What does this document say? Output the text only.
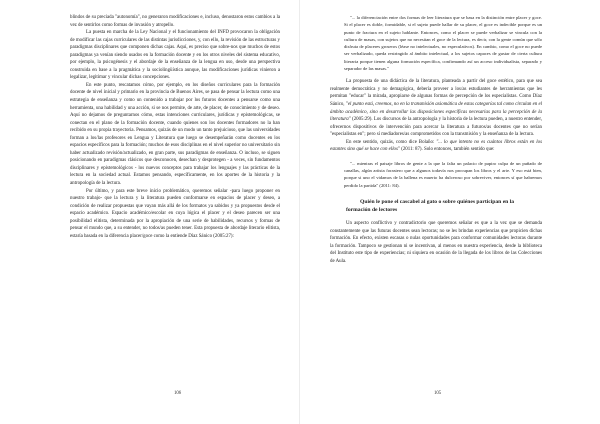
blindos de su preciada "autonomía", no generaron modificaciones e, incluso, denostaron estos cambios a la vez de sentirlos como formas de invasión y atropello.

La puesta en marcha de la Ley Nacional y el funcionamiento del INFD provocaron la obligación de modificar las cajas curriculares de las distintas jurisdicciones, y, con ello, la revisión de las estructuras y paradigmas disciplinares que componen dichas cajas. Aquí, es preciso que sobre-nos que muchos de estos paradigmas ya venían siendo usados en la formación docente y en los otros niveles del sistema educativo, por ejemplo, la psicogénesis y el abordaje de la enseñanza de la lengua en uso, desde una perspectiva construida en base a la pragmática y la sociolingüística aunque, las modificaciones jurídicas vinieron a legalizar, legitimar y vincular dichas concepciones.

En este punto, rescatamos cómo, por ejemplo, en los diseños curriculares para la formación docente de nivel inicial y primario en la provincia de Buenos Aires, se pasa de pensar la lectura como una estrategia de enseñanza y como un contenido a trabajar por los futuros docentes a pensarse como una herramienta, una habilidad y una acción, si se nos permite, de arte, de placer, de conocimiento y de deseo. Aquí no dejamos de preguntarnos cómo, estas intenciones curriculares, jurídicas y epistemológicas, se conectan en el plano de la formación docente, cuando quienes son los docentes formadores no la han recibido en su propia trayectoria. Pensamos, quizás de un modo un tanto prejuicioso, que las universidades forman a los/las profesores en Lengua y Literatura que luego se desempeñarán como docentes en los espacios específicos para la formación; muchos de esos disciplinas en el nivel superior no universitario sin haber actualizado revisión/actualizado, en gran parte, sus paradigmas de enseñanza. O incluso, se siguen posicionando en paradigmas clásicos que desconocen, desechan y desprotegen - a veces, sin fundamentos disciplinares y epistemológicos - los nuevos conceptos para trabajar los lenguajes y las prácticas de la lectura en la sociedad actual. Estamos pensando, específicamente, en los aportes de la historia y la antropología de la lectura.

Por último, y para este breve inicio problemático, queremos señalar -para luego proponer en nuestro trabajo- que la lectura y la literatura pueden conformarse en espacios de placer y deseo, a condición de realizar propuestas que vayan más allá de los formatos ya sabidos y ya propuestos desde el espacio académico. Espacio académico/escolar en cuya lógica el placer y el deseo parecen ser una posibilidad elitista, determinada por la apropiación de una serie de habilidades, recursos y formas de pensar el mundo que, a su entender, no todos/as pueden tener. Esta propuesta de abordaje literario elitista, estaría basada en la diferencia placer/goce como la entiende Díaz Sánico (2005:27):

106

"... la diferenciación entre dos formas de leer literatura que se basa en la distinción entre placer y goce. Si el placer es doble, formidable, si el sujeto puede hallar de su placer, el goce es indecible porque es un punto de fractura en el sujeto hablante. Entonces, como el placer se puede verbalizar se vincula con la cultura de masas, con sujetos que no necesitan el goce de la lectura, es decir, con la gente común que sólo disfruta de placeres groseros (léase no intelectuales, no especulativos). En cambio, como el goce no puede ser verbalizado, queda restringido al ámbito intelectual, a los sujetos capaces de gustar de cierta cultura literaria porque tienen alguna formación específica, confirmando así un acceso individualista, separado y separador de las masas."

La propuesta de una didáctica de la literatura, planteada a partir del goce estético, para que sea realmente democrática y no demagógica, debería proveer a los/as estudiantes de herramientas que les permitan "educar" la mirada, apropiarse de algunas formas de percepción de los especialistas. Como Díaz Sánico, "el punto está, creemos, no en la transmisión axiomática de estas categorías tal como circulan en el ámbito académico, sino en desarrollar las disposiciones específicas necesarias para la percepción de la literatura" (2005:29). Los discursos de la antropología y la historia de la lectura pueden, a nuestro entender, ofrecernos dispositivos de intervención para acercar la literatura a futuros/as docentes que no serían "especialistas en"; pero sí mediadores/as comprometidos con la transmisión y la enseñanza de la lectura.

En este sentido, quizás, como dice Bolaño: "... lo que intento no es cuántos libros están en los estantes sino qué se hace con ellos" (2011: 87). Solo entonces, también sentido que:

"... mientras el paisaje libros de gente a la que la falta un palacio de papiro culpa de un puñado de canallas, algún artista forastero que a algunos todavía nos procupan los libros y el arte. Y eso está bien, porque si uno el vidamos de la ballena es muerto ha dulceroso por sobreviver, entonces sí que habremos perdido la partida" (2011: 84).

Quién le pone el cascabel al gato o sobre quiénes participan en la

formación de lectores

Un aspecto conflictivo y contradictorio que queremos señalar es que a la vez que se demanda constantemente que las futuras docentes sean lectoras; no se les brindan experiencias que propicien dichas formación. En efecto, existen escasas o nulas oportunidades para conformar comunidades lectoras durante la formación. Tampoco se gestionan ni se incentivan, al menos en nuestra experiencia, desde la biblioteca del Instituto este tipo de experiencias; ni siquiera en ocasión de la llegada de los libros de las Colecciones de Aula.

105
